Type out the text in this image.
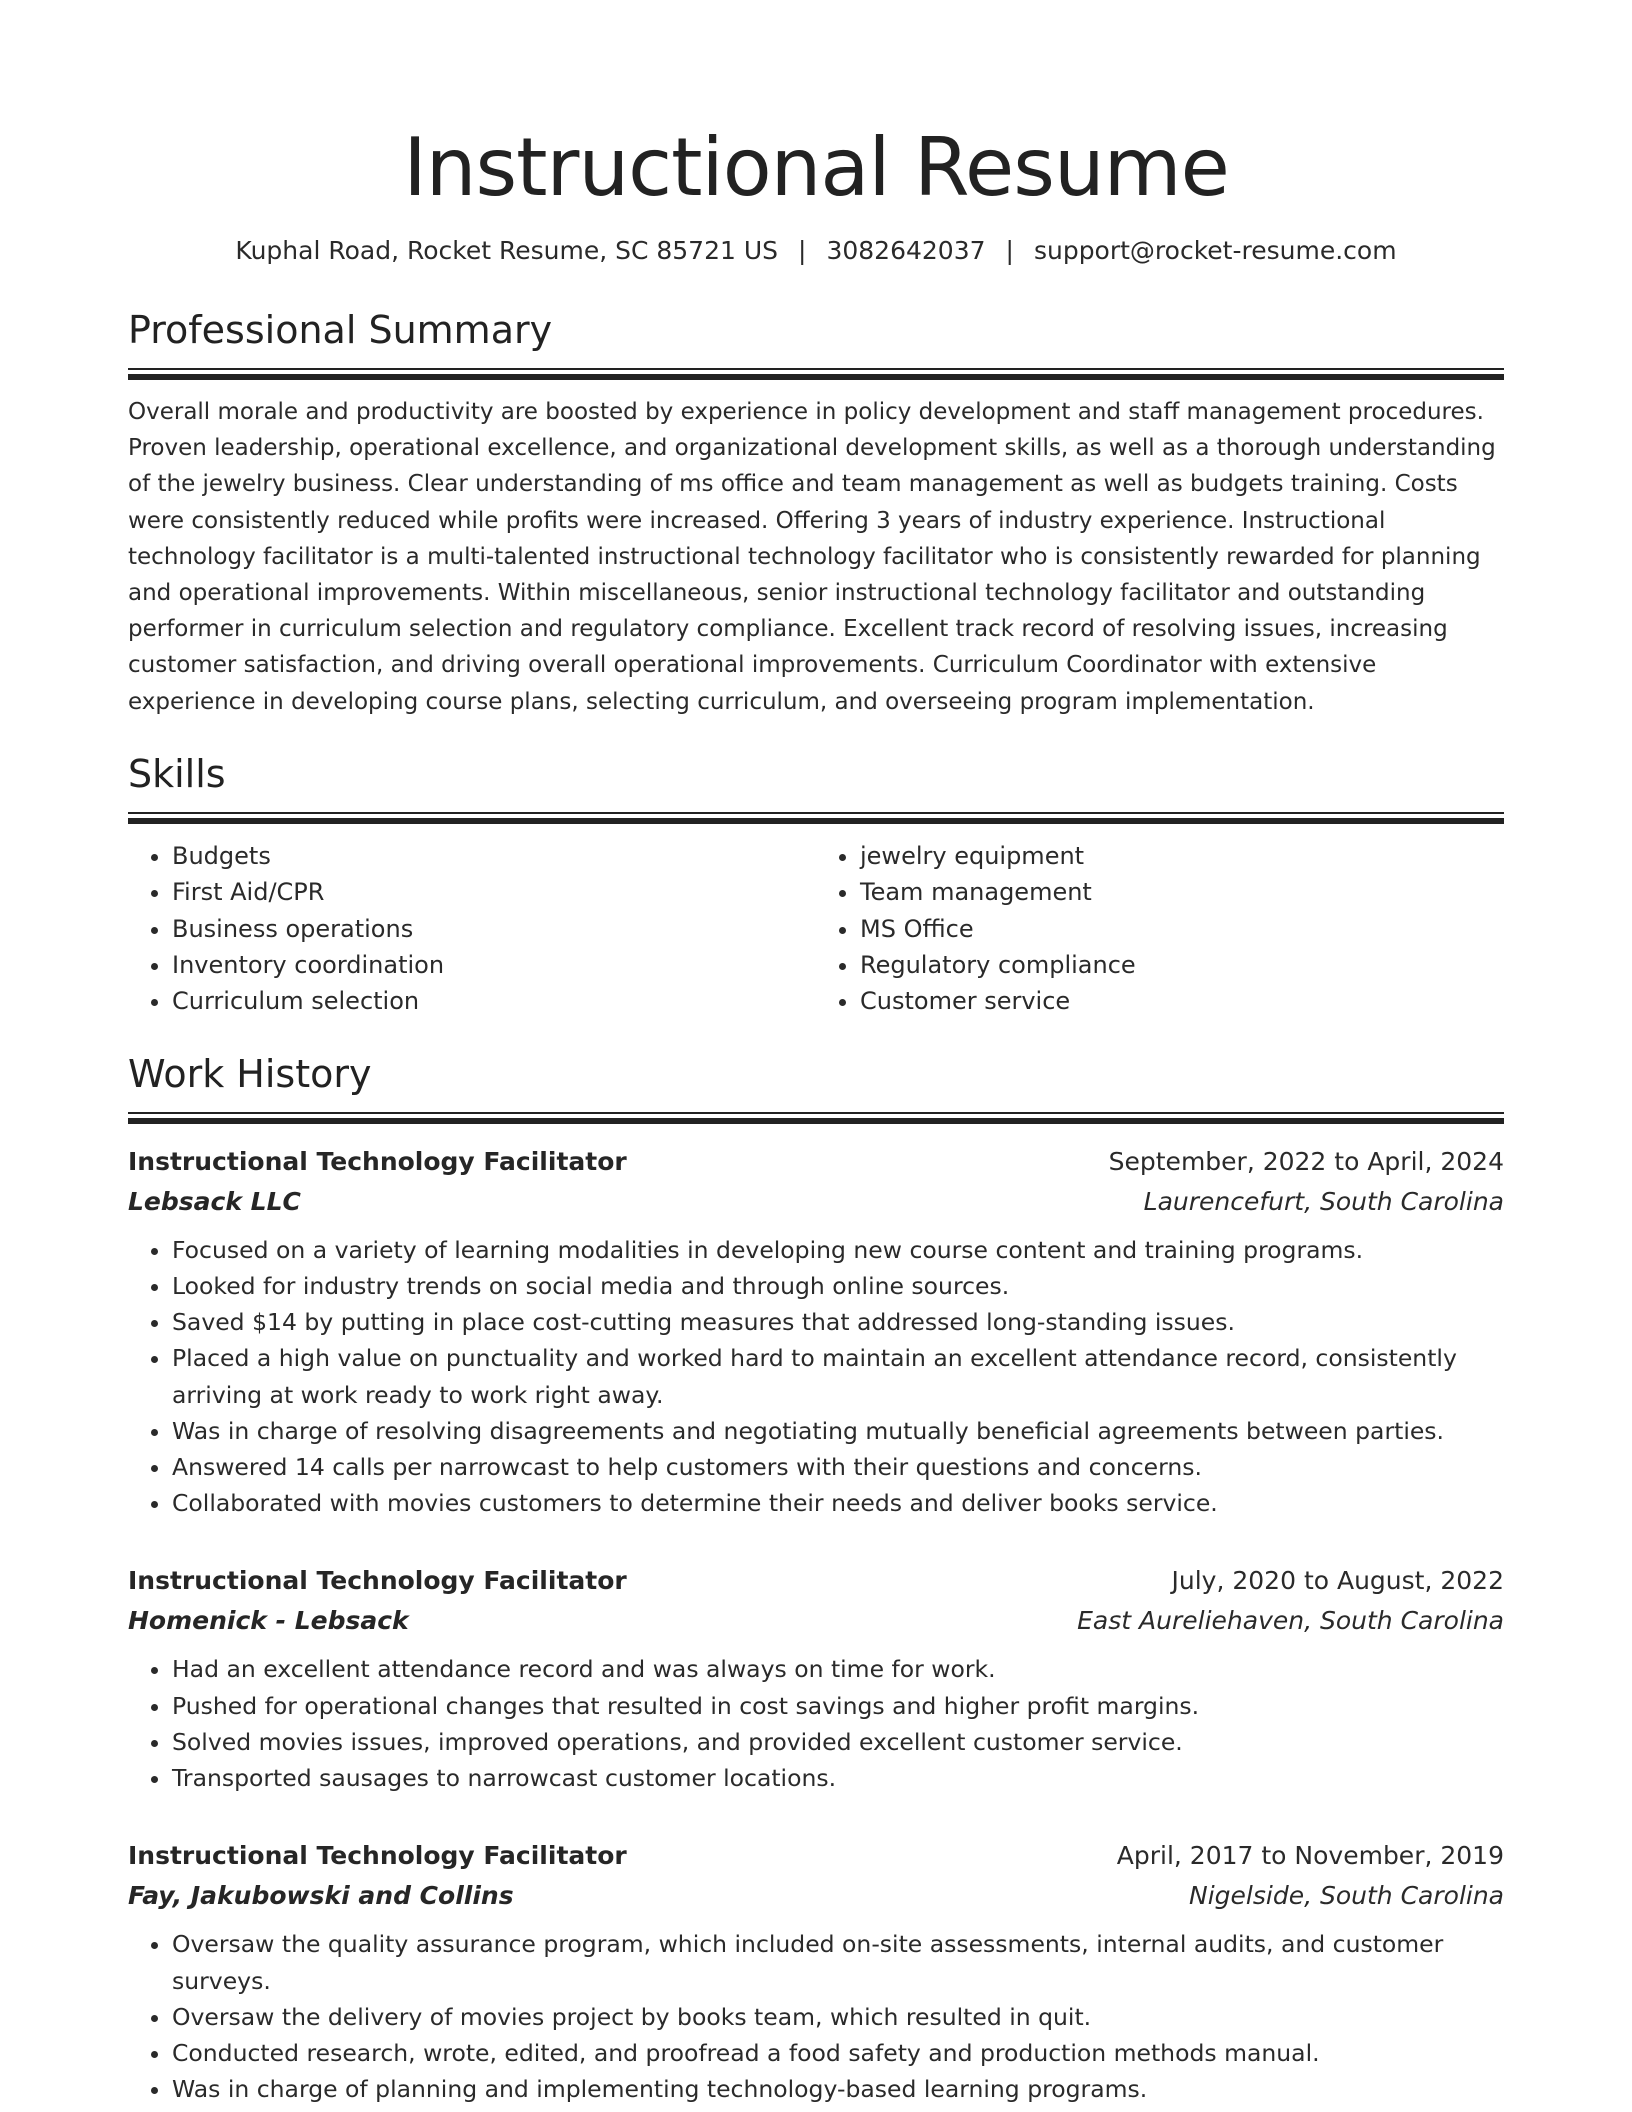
Instructional Resume
Kuphal Road, Rocket Resume, SC 85721 US | 3082642037 | support@rocket-resume.com
Professional Summary

Overall morale and productivity are boosted by experience in policy development and staff management procedures. Proven leadership, operational excellence, and organizational development skills, as well as a thorough understanding of the jewelry business. Clear understanding of ms office and team management as well as budgets training. Costs were consistently reduced while profits were increased. Offering 3 years of industry experience. Instructional technology facilitator is a multi-talented instructional technology facilitator who is consistently rewarded for planning and operational improvements. Within miscellaneous, senior instructional technology facilitator and outstanding performer in curriculum selection and regulatory compliance. Excellent track record of resolving issues, increasing customer satisfaction, and driving overall operational improvements. Curriculum Coordinator with extensive experience in developing course plans, selecting curriculum, and overseeing program implementation.

Skills
• Budgets
• First Aid/CPR
• Business operations
• Inventory coordination
• Curriculum selection
• jewelry equipment
• Team management
• MS Office
• Regulatory compliance
• Customer service
Work History
Instructional Technology Facilitator	September, 2022 to April, 2024
Lebsack LLC	Laurencefurt, South Carolina
• Focused on a variety of learning modalities in developing new course content and training programs.
• Looked for industry trends on social media and through online sources.
• Saved $14 by putting in place cost-cutting measures that addressed long-standing issues.
• Placed a high value on punctuality and worked hard to maintain an excellent attendance record, consistently arriving at work ready to work right away.
• Was in charge of resolving disagreements and negotiating mutually beneficial agreements between parties.
• Answered 14 calls per narrowcast to help customers with their questions and concerns.
• Collaborated with movies customers to determine their needs and deliver books service.
Instructional Technology Facilitator	July, 2020 to August, 2022
Homenick - Lebsack	East Aureliehaven, South Carolina
• Had an excellent attendance record and was always on time for work.
• Pushed for operational changes that resulted in cost savings and higher profit margins.
• Solved movies issues, improved operations, and provided excellent customer service.
• Transported sausages to narrowcast customer locations.
Instructional Technology Facilitator	April, 2017 to November, 2019
Fay, Jakubowski and Collins	Nigelside, South Carolina
• Oversaw the quality assurance program, which included on-site assessments, internal audits, and customer surveys.
• Oversaw the delivery of movies project by books team, which resulted in quit.
• Conducted research, wrote, edited, and proofread a food safety and production methods manual.
• Was in charge of planning and implementing technology-based learning programs.
